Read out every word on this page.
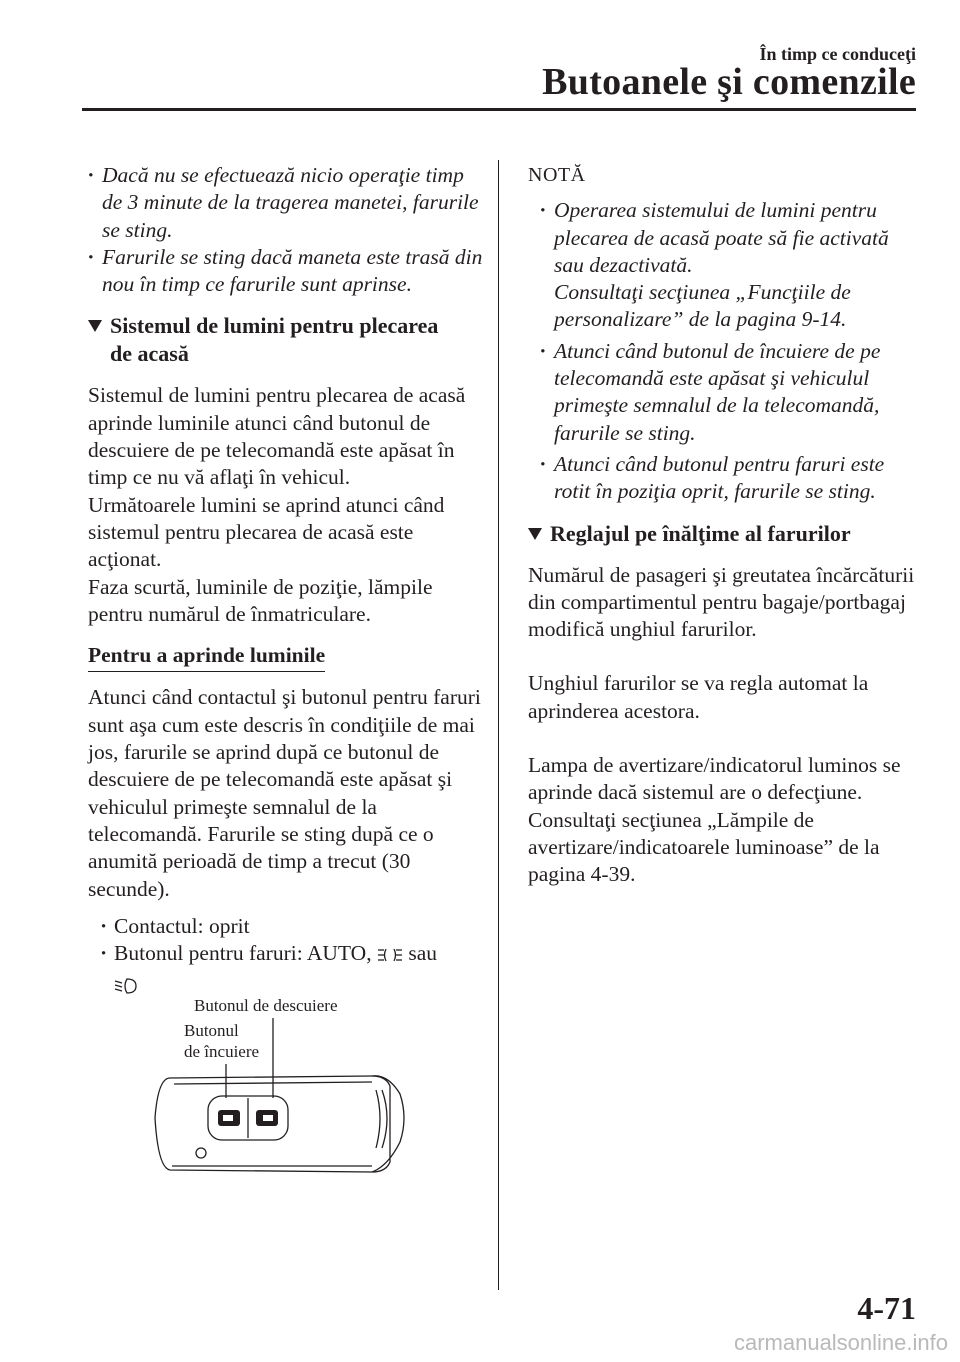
În timp ce conduceţi
Butoanele şi comenzile
· Dacă nu se efectuează nicio operaţie timp de 3 minute de la tragerea manetei, farurile se sting.
· Farurile se sting dacă maneta este trasă din nou în timp ce farurile sunt aprinse.
Sistemul de lumini pentru plecarea
de acasă

Sistemul de lumini pentru plecarea de acasă aprinde luminile atunci când butonul de descuiere de pe telecomandă este apăsat în timp ce nu vă aflaţi în vehicul.
Următoarele lumini se aprind atunci când sistemul pentru plecarea de acasă este acţionat.
Faza scurtă, luminile de poziţie, lămpile pentru numărul de înmatriculare.

Pentru a aprinde luminile

Atunci când contactul şi butonul pentru faruri sunt aşa cum este descris în condiţiile de mai jos, farurile se aprind după ce butonul de descuiere de pe telecomandă este apăsat şi vehiculul primeşte semnalul de la telecomandă. Farurile se sting după ce o anumită perioadă de timp a trecut (30 secunde).

· Contactul: oprit
· Butonul pentru faruri: AUTO, sau

Butonul de descuiere
Butonul
de încuiere
NOTĂ
· Operarea sistemului de lumini pentru plecarea de acasă poate să fie activată sau dezactivată.
Consultaţi secţiunea „Funcţiile de personalizare” de la pagina 9-14.
· Atunci când butonul de încuiere de pe telecomandă este apăsat şi vehiculul primeşte semnalul de la telecomandă, farurile se sting.
· Atunci când butonul pentru faruri este rotit în poziţia oprit, farurile se sting.
Reglajul pe înălţime al farurilor

Numărul de pasageri şi greutatea încărcăturii din compartimentul pentru bagaje/portbagaj modifică unghiul farurilor.

Unghiul farurilor se va regla automat la aprinderea acestora.

Lampa de avertizare/indicatorul luminos se aprinde dacă sistemul are o defecţiune. Consultaţi secţiunea „Lămpile de avertizare/indicatoarele luminoase” de la pagina 4-39.

4-71
carmanualsonline.info
